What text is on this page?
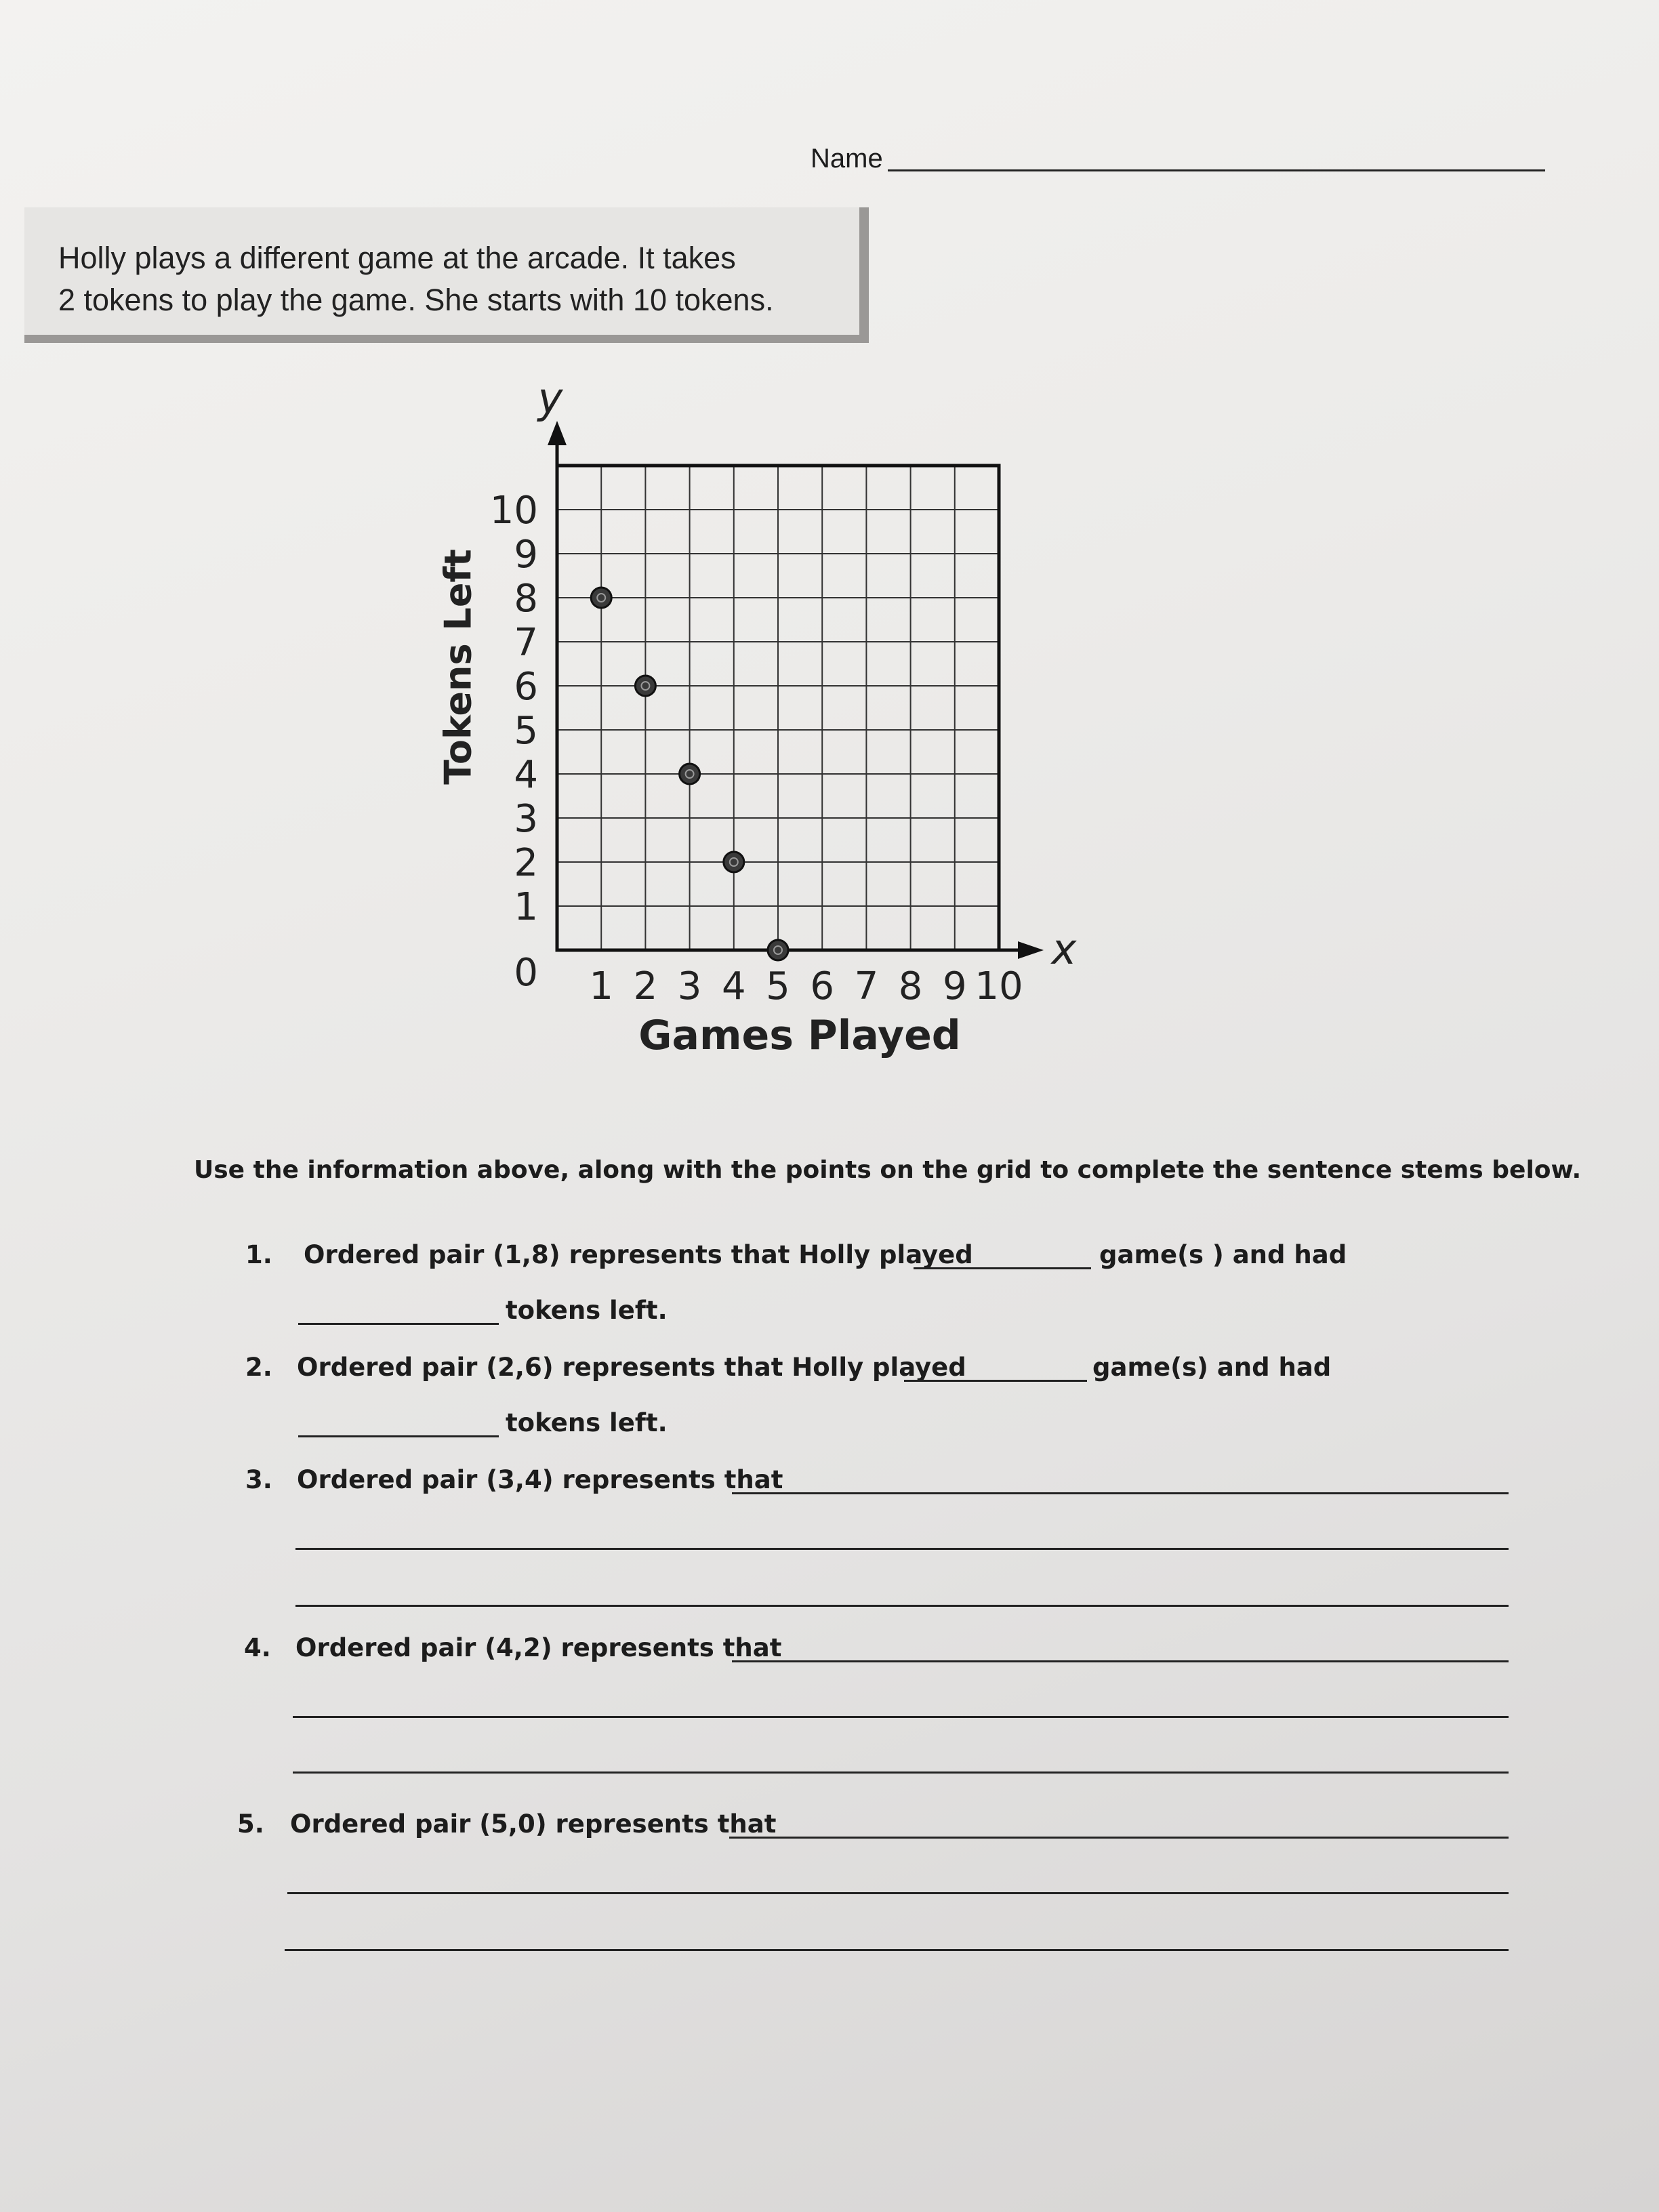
Name
Holly plays a different game at the arcade. It takes
2 tokens to play the game. She starts with 10 tokens.
1 2 3 4 5 6 7 8 9 10
1
2
3
4
5
6
7
8
9
10
0
y
x
Games Played
Tokens Left
Use the information above, along with the points on the grid to complete the sentence stems below.
1. Ordered pair (1,8) represents that Holly played	game(s ) and had
tokens left.
2. Ordered pair (2,6) represents that Holly played	game(s) and had
tokens left.
3. Ordered pair (3,4) represents that
4. Ordered pair (4,2) represents that
5. Ordered pair (5,0) represents that
